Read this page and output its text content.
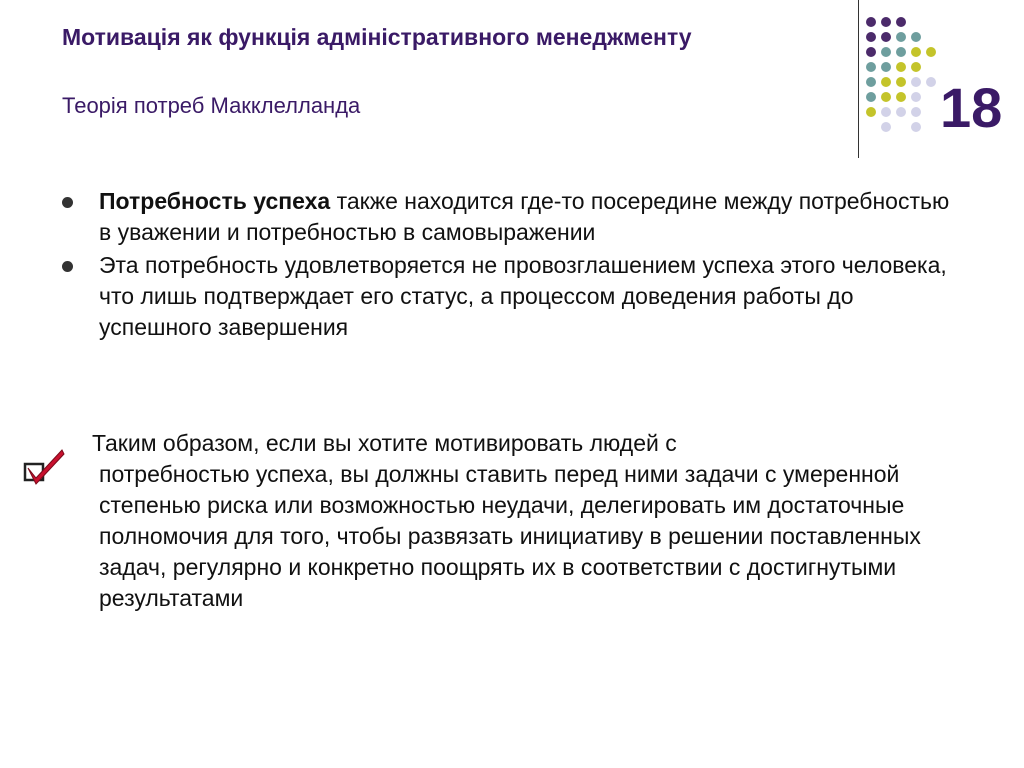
Мотивація як функція адміністративного менеджменту
Теорія потреб Макклелланда	18
Потребность успеха также находится где-то посередине между потребностью в уважении и потребностью в самовыражении
Эта потребность удовлетворяется не провозглашением успеха этого человека, что лишь подтверждает его статус, а процессом доведения работы до успешного завершения
Таким образом, если вы хотите мотивировать людей с
потребностью успеха, вы должны ставить перед ними задачи с умеренной степенью риска или возможностью неудачи, делегировать им достаточные полномочия для того, чтобы развязать инициативу в решении поставленных задач, регулярно и конкретно поощрять их в соответствии с достигнутыми результатами
